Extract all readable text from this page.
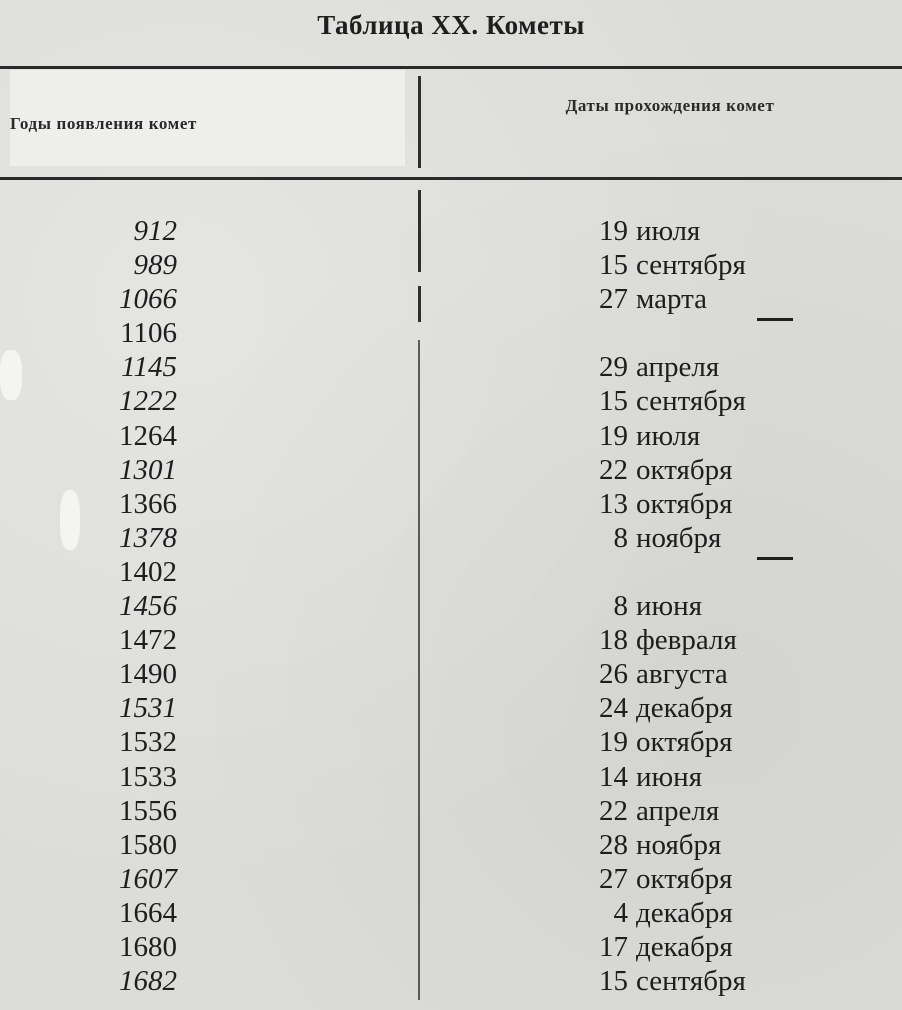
Таблица XX. Кометы
Годы появления комет
Даты прохождения комет
912	19 июля
989	15 сентября
1066	27 марта
1106
1145	29 апреля
1222	15 сентября
1264	19 июля
1301	22 октября
1366	13 октября
1378	8 ноября
1402
1456	8 июня
1472	18 февраля
1490	26 августа
1531	24 декабря
1532	19 октября
1533	14 июня
1556	22 апреля
1580	28 ноября
1607	27 октября
1664	4 декабря
1680	17 декабря
1682	15 сентября
